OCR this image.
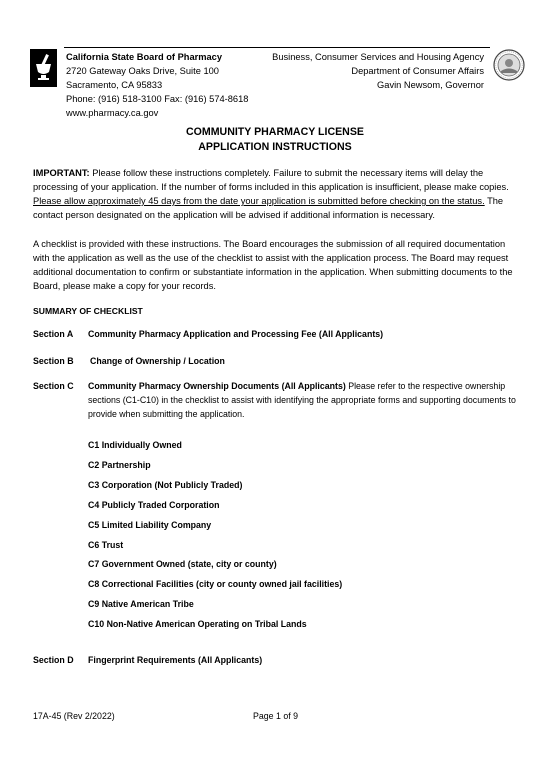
California State Board of Pharmacy
2720 Gateway Oaks Drive, Suite 100
Sacramento, CA 95833
Phone: (916) 518-3100 Fax: (916) 574-8618
www.pharmacy.ca.gov
Business, Consumer Services and Housing Agency
Department of Consumer Affairs
Gavin Newsom, Governor
COMMUNITY PHARMACY LICENSE
APPLICATION INSTRUCTIONS
IMPORTANT: Please follow these instructions completely. Failure to submit the necessary items will delay the processing of your application. If the number of forms included in this application is insufficient, please make copies. Please allow approximately 45 days from the date your application is submitted before checking on the status. The contact person designated on the application will be advised if additional information is necessary.
A checklist is provided with these instructions. The Board encourages the submission of all required documentation with the application as well as the use of the checklist to assist with the application process. The Board may request additional documentation to confirm or substantiate information in the application. When submitting documents to the Board, please make a copy for your records.
SUMMARY OF CHECKLIST
Section A Community Pharmacy Application and Processing Fee (All Applicants)
Section B Change of Ownership / Location
Section C Community Pharmacy Ownership Documents (All Applicants) Please refer to the respective ownership sections (C1-C10) in the checklist to assist with identifying the appropriate forms and supporting documents to provide when submitting the application.
C1 Individually Owned
C2 Partnership
C3 Corporation (Not Publicly Traded)
C4 Publicly Traded Corporation
C5 Limited Liability Company
C6 Trust
C7 Government Owned (state, city or county)
C8 Correctional Facilities (city or county owned jail facilities)
C9 Native American Tribe
C10 Non-Native American Operating on Tribal Lands
Section D Fingerprint Requirements (All Applicants)
17A-45 (Rev 2/2022)	Page 1 of 9
